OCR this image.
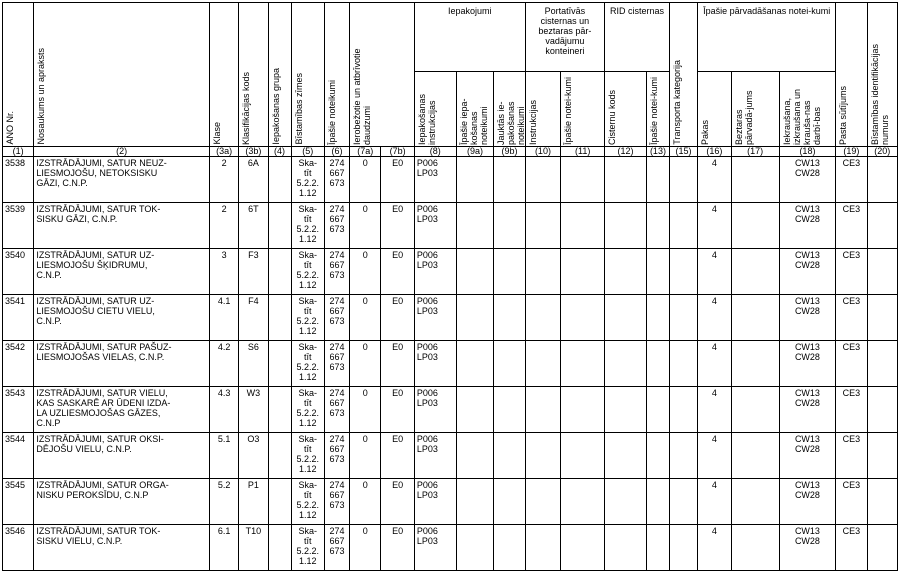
ANO Nr.	Nosaukums un apraksts	Klase	Klasifikācijas kods	Iepakošanas grupa	Bīstamības zīmes	Īpašie noteikumi	Ierobežotie un atbrīvotie daudzumi		Iepakojumi			Portatīvās cisternas un beztaras pār-vadājumu konteineri		RID cisternas		Transporta kategorija	Īpašie pārvadāšanas notei-kumi			Pasta sūtījums	Bīstamības identifikācijas numurs

									Iepakošanas instrukcijas	Īpašie iepa-košanas noteikumi	Jauktās ie-pakošanas noteikumi	Instrukcijas	Īpašie notei-kumi	Cisternu kods	Īpašie notei-kumi		Pakas	Beztaras pārvadā-jums	Iekraušana, izkraušana un krauša-nas darbī-bas		

(1)	(2)	(3a)	(3b)	(4)	(5)	(6)	(7a)	(7b)	(8)	(9a)	(9b)	(10)	(11)	(12)	(13)	(15)	(16)	(17)	(18)	(19)	(20)
3538	IZSTRĀDĀJUMI, SATUR NEUZ-
LIESMOJOŠU, NETOKSISKU
GĀZI, C.N.P.	2	6A		Ska-
tīt
5.2.2.
1.12	274
667
673	0	E0	P006
LP03								4		CW13
CW28	CE3	
3539	IZSTRĀDĀJUMI, SATUR TOK-
SISKU GĀZI, C.N.P.	2	6T		Ska-
tīt
5.2.2.
1.12	274
667
673	0	E0	P006
LP03								4		CW13
CW28	CE3	
3540	IZSTRĀDĀJUMI, SATUR UZ-
LIESMOJOŠU ŠĶIDRUMU,
C.N.P.	3	F3		Ska-
tīt
5.2.2.
1.12	274
667
673	0	E0	P006
LP03								4		CW13
CW28	CE3	
3541	IZSTRĀDĀJUMI, SATUR UZ-
LIESMOJOŠU CIETU VIELU,
C.N.P.	4.1	F4		Ska-
tīt
5.2.2.
1.12	274
667
673	0	E0	P006
LP03								4		CW13
CW28	CE3	
3542	IZSTRĀDĀJUMI, SATUR PAŠUZ-
LIESMOJOŠAS VIELAS, C.N.P.	4.2	S6		Ska-
tīt
5.2.2.
1.12	274
667
673	0	E0	P006
LP03								4		CW13
CW28	CE3	
3543	IZSTRĀDĀJUMI, SATUR VIELU,
KAS SASKARĒ AR ŪDENI IZDA-
LA UZLIESMOJOŠAS GĀZES,
C.N.P	4.3	W3		Ska-
tīt
5.2.2.
1.12	274
667
673	0	E0	P006
LP03								4		CW13
CW28	CE3	
3544	IZSTRĀDĀJUMI, SATUR OKSI-
DĒJOŠU VIELU, C.N.P.	5.1	O3		Ska-
tīt
5.2.2.
1.12	274
667
673	0	E0	P006
LP03								4		CW13
CW28	CE3	
3545	IZSTRĀDĀJUMI, SATUR ORGA-
NISKU PEROKSĪDU, C.N.P	5.2	P1		Ska-
tīt
5.2.2.
1.12	274
667
673	0	E0	P006
LP03								4		CW13
CW28	CE3	
3546	IZSTRĀDĀJUMI, SATUR TOK-
SISKU VIELU, C.N.P.	6.1	T10		Ska-
tīt
5.2.2.
1.12	274
667
673	0	E0	P006
LP03								4		CW13
CW28	CE3	
